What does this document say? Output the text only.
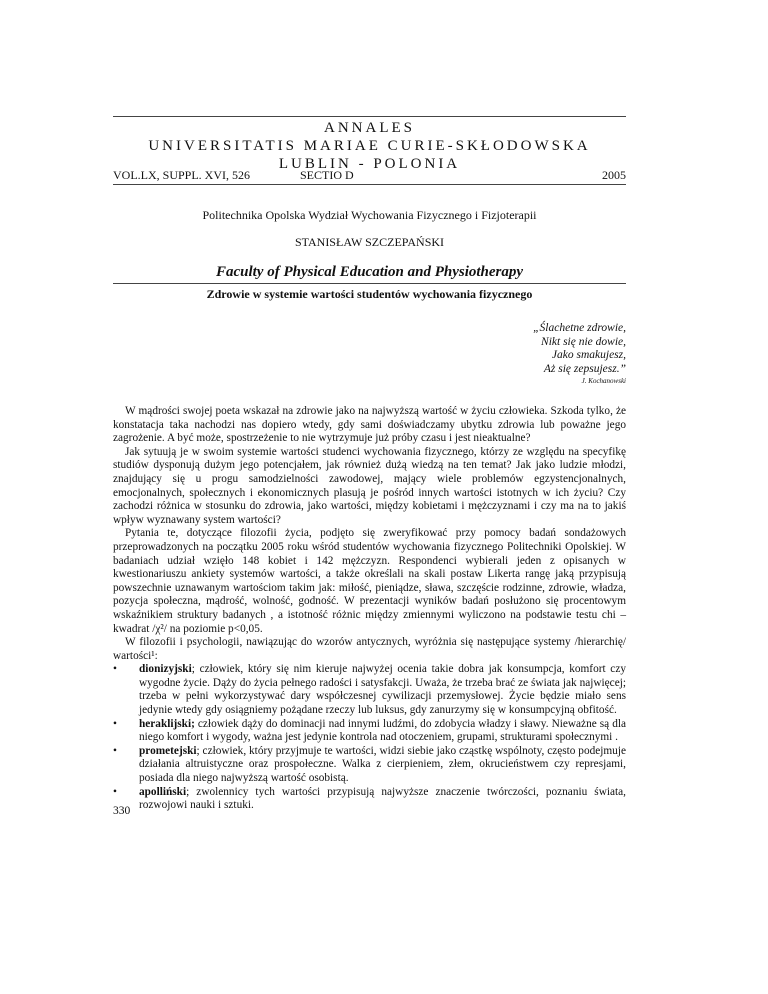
ANNALES
UNIVERSITATIS MARIAE CURIE-SKŁODOWSKA
LUBLIN - POLONIA
VOL.LX, SUPPL. XVI, 526	SECTIO D	2005
Politechnika Opolska Wydział Wychowania Fizycznego i Fizjoterapii
STANISŁAW SZCZEPAŃSKI
Faculty of Physical Education and Physiotherapy
Zdrowie w systemie wartości studentów wychowania fizycznego
„Ślachetne zdrowie,
Nikt się nie dowie,
Jako smakujesz,
Aż się zepsujesz.”
J. Kochanowski

W mądrości swojej poeta wskazał na zdrowie jako na najwyższą wartość w życiu człowieka. Szkoda tylko, że konstatacja taka nachodzi nas dopiero wtedy, gdy sami doświadczamy ubytku zdrowia lub poważne jego zagrożenie. A być może, spostrzeżenie to nie wytrzymuje już próby czasu i jest nieaktualne?

Jak sytuują je w swoim systemie wartości studenci wychowania fizycznego, którzy ze względu na specyfikę studiów dysponują dużym jego potencjałem, jak również dużą wiedzą na ten temat? Jak jako ludzie młodzi, znajdujący się u progu samodzielności zawodowej, mający wiele problemów egzystencjonalnych, emocjonalnych, społecznych i ekonomicznych plasują je pośród innych wartości istotnych w ich życiu? Czy zachodzi różnica w stosunku do zdrowia, jako wartości, między kobietami i mężczyznami i czy ma na to jakiś wpływ wyznawany system wartości?

Pytania te, dotyczące filozofii życia, podjęto się zweryfikować przy pomocy badań sondażowych przeprowadzonych na początku 2005 roku wśród studentów wychowania fizycznego Politechniki Opolskiej. W badaniach udział wzięło 148 kobiet i 142 mężczyzn. Respondenci wybierali jeden z opisanych w kwestionariuszu ankiety systemów wartości, a także określali na skali postaw Likerta rangę jaką przypisują powszechnie uznawanym wartościom takim jak: miłość, pieniądze, sława, szczęście rodzinne, zdrowie, władza, pozycja społeczna, mądrość, wolność, godność. W prezentacji wyników badań posłużono się procentowym wskaźnikiem struktury badanych , a istotność różnic między zmiennymi wyliczono na podstawie testu chi – kwadrat /χ²/ na poziomie p<0,05.

W filozofii i psychologii, nawiązując do wzorów antycznych, wyróżnia się następujące systemy /hierarchię/ wartości¹:

• dionizyjski; człowiek, który się nim kieruje najwyżej ocenia takie dobra jak konsumpcja, komfort czy wygodne życie. Dąży do życia pełnego radości i satysfakcji. Uważa, że trzeba brać ze świata jak najwięcej; trzeba w pełni wykorzystywać dary współczesnej cywilizacji przemysłowej. Życie będzie miało sens jedynie wtedy gdy osiągniemy pożądane rzeczy lub luksus, gdy zanurzymy się w konsumpcyjną obfitość.
• heraklijski; człowiek dąży do dominacji nad innymi ludźmi, do zdobycia władzy i sławy. Nieważne są dla niego komfort i wygody, ważna jest jedynie kontrola nad otoczeniem, grupami, strukturami społecznymi .
• prometejski; człowiek, który przyjmuje te wartości, widzi siebie jako cząstkę wspólnoty, często podejmuje działania altruistyczne oraz prospołeczne. Walka z cierpieniem, złem, okrucieństwem czy represjami, posiada dla niego najwyższą wartość osobistą.
• apolliński; zwolennicy tych wartości przypisują najwyższe znaczenie twórczości, poznaniu świata, rozwojowi nauki i sztuki.
330
